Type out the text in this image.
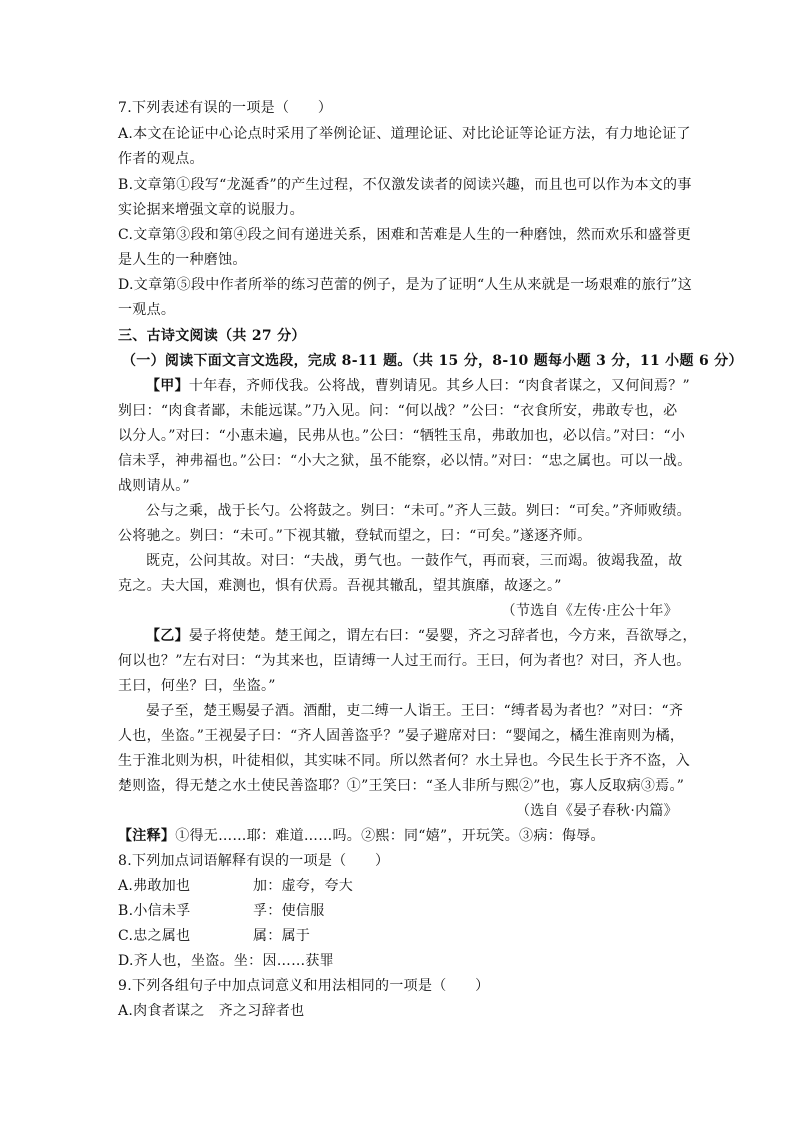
7.下列表述有误的一项是（　　）
A.本文在论证中心论点时采用了举例论证、道理论证、对比论证等论证方法，有力地论证了
作者的观点。
B.文章第①段写“龙涎香”的产生过程，不仅激发读者的阅读兴趣，而且也可以作为本文的事
实论据来增强文章的说服力。
C.文章第③段和第④段之间有递进关系，困难和苦难是人生的一种磨蚀，然而欢乐和盛誉更
是人生的一种磨蚀。
D.文章第⑤段中作者所举的练习芭蕾的例子，是为了证明“人生从来就是一场艰难的旅行”这
一观点。
三、古诗文阅读（共 27 分）
（一）阅读下面文言文选段，完成 8-11 题。（共 15 分，8-10 题每小题 3 分，11 小题 6 分）
【甲】十年春，齐师伐我。公将战，曹刿请见。其乡人曰：“肉食者谋之，又何间焉？”
刿曰：“肉食者鄙，未能远谋。”乃入见。问：“何以战？”公曰：“衣食所安，弗敢专也，必
以分人。”对曰：“小惠未遍，民弗从也。”公曰：“牺牲玉帛，弗敢加也，必以信。”对曰：“小
信未孚，神弗福也。”公曰：“小大之狱，虽不能察，必以情。”对曰：“忠之属也。可以一战。
战则请从。”
公与之乘，战于长勺。公将鼓之。刿曰：“未可。”齐人三鼓。刿曰：“可矣。”齐师败绩。
公将驰之。刿曰：“未可。”下视其辙，登轼而望之，曰：“可矣。”遂逐齐师。
既克，公问其故。对曰：“夫战，勇气也。一鼓作气，再而衰，三而竭。彼竭我盈，故
克之。夫大国，难测也，惧有伏焉。吾视其辙乱，望其旗靡，故逐之。”
（节选自《左传·庄公十年》
【乙】晏子将使楚。楚王闻之，谓左右曰：“晏婴，齐之习辞者也，今方来，吾欲辱之，
何以也？”左右对曰：“为其来也，臣请缚一人过王而行。王曰，何为者也？对曰，齐人也。
王曰，何坐？曰，坐盗。”
晏子至，楚王赐晏子酒。酒酣，吏二缚一人诣王。王曰：“缚者曷为者也？”对曰：“齐
人也，坐盗。”王视晏子曰：“齐人固善盗乎？”晏子避席对曰：“婴闻之，橘生淮南则为橘，
生于淮北则为枳，叶徒相似，其实味不同。所以然者何？水土异也。今民生长于齐不盗，入
楚则盗，得无楚之水土使民善盗耶？①”王笑曰：“圣人非所与熙②”也，寡人反取病③焉。”
（选自《晏子春秋·内篇》
【注释】①得无……耶：难道……吗。②熙：同“嬉”，开玩笑。③病：侮辱。
8.下列加点词语解释有误的一项是（　　）
A.弗敢加也	加：虚夸，夸大
B.小信未孚	孚：使信服
C.忠之属也	属：属于
D.齐人也，坐盗。坐：因……获罪
9.下列各组句子中加点词意义和用法相同的一项是（　　）
A.肉食者谋之 齐之习辞者也
